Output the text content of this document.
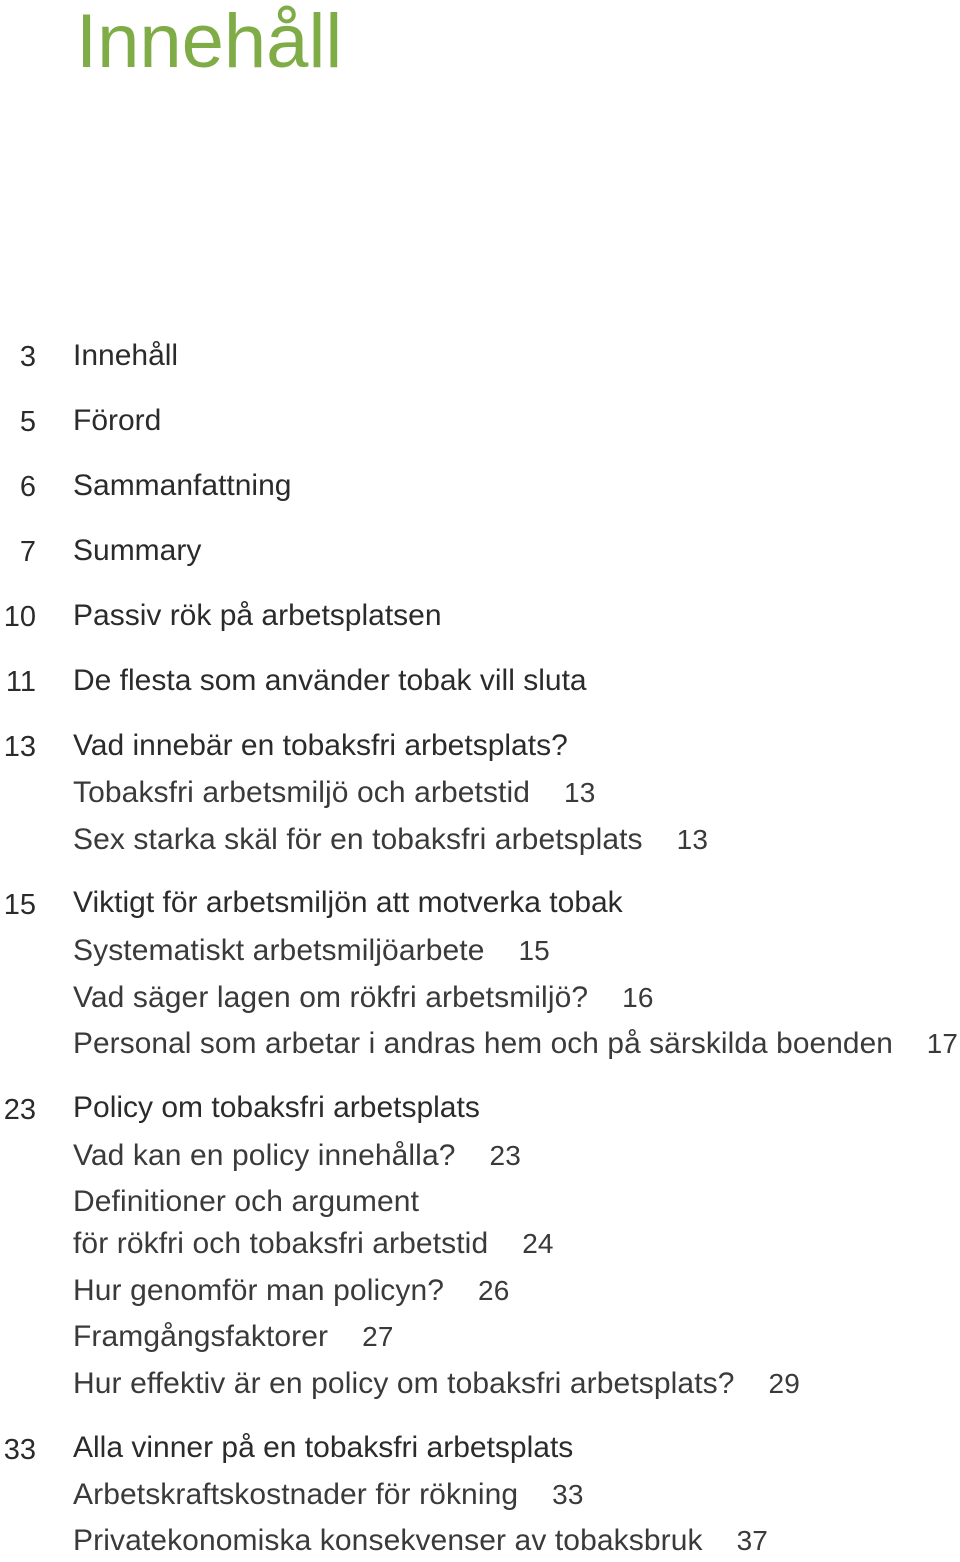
Innehåll
3 Innehåll
5 Förord
6 Sammanfattning
7 Summary
10 Passiv rök på arbetsplatsen
11 De flesta som använder tobak vill sluta
13 Vad innebär en tobaksfri arbetsplats?
Tobaksfri arbetsmiljö och arbetstid 13
Sex starka skäl för en tobaksfri arbetsplats 13
15 Viktigt för arbetsmiljön att motverka tobak
Systematiskt arbetsmiljöarbete 15
Vad säger lagen om rökfri arbetsmiljö? 16
Personal som arbetar i andras hem och på särskilda boenden 17
23 Policy om tobaksfri arbetsplats
Vad kan en policy innehålla? 23
Definitioner och argument
för rökfri och tobaksfri arbetstid 24
Hur genomför man policyn? 26
Framgångsfaktorer 27
Hur effektiv är en policy om tobaksfri arbetsplats? 29
33 Alla vinner på en tobaksfri arbetsplats
Arbetskraftskostnader för rökning 33
Privatekonomiska konsekvenser av tobaksbruk 37
